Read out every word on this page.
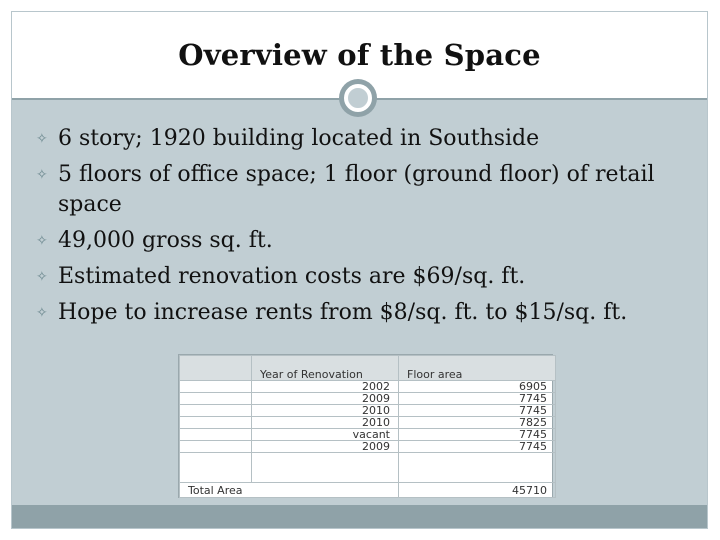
Overview of the Space
✧ 6 story; 1920 building located in Southside
✧ 5 floors of office space; 1 floor (ground floor) of retail space
✧ 49,000 gross sq. ft.
✧ Estimated renovation costs are $69/sq. ft.
✧ Hope to increase rents from $8/sq. ft. to $15/sq. ft.
	Year of Renovation	Floor area
	2002	6905
	2009	7745
	2010	7745
	2010	7825
	vacant	7745
	2009	7745

Total Area		45710
